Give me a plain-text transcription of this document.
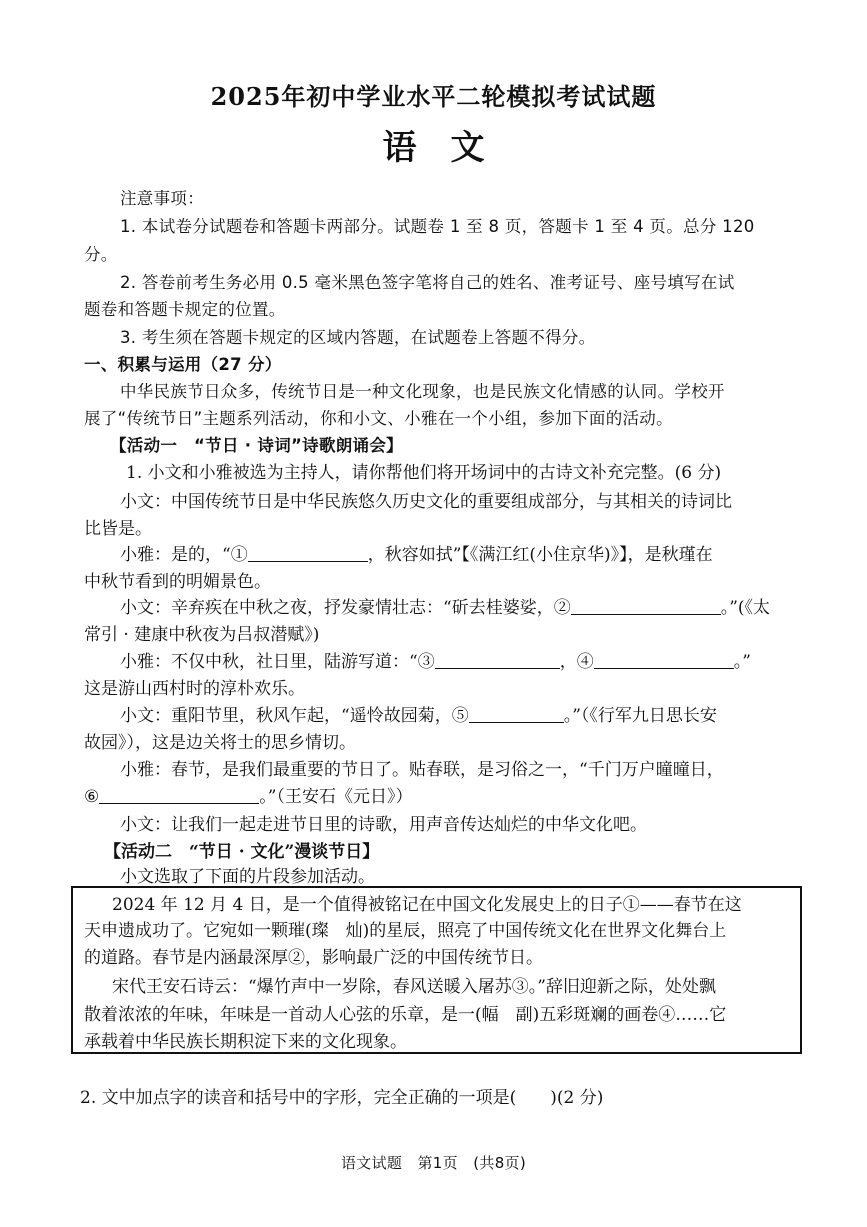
2025年初中学业水平二轮模拟考试试题
语文
注意事项：
1. 本试卷分试题卷和答题卡两部分。试题卷 1 至 8 页，答题卡 1 至 4 页。总分 120
分。
2. 答卷前考生务必用 0.5 毫米黑色签字笔将自己的姓名、准考证号、座号填写在试
题卷和答题卡规定的位置。
3. 考生须在答题卡规定的区域内答题，在试题卷上答题不得分。
一、积累与运用（27 分）
中华民族节日众多，传统节日是一种文化现象，也是民族文化情感的认同。学校开
展了“传统节日”主题系列活动，你和小文、小雅在一个小组，参加下面的活动。
【活动一　“节日 · 诗词”诗歌朗诵会】
1. 小文和小雅被选为主持人，请你帮他们将开场词中的古诗文补充完整。(6 分)
小文：中国传统节日是中华民族悠久历史文化的重要组成部分，与其相关的诗词比
比皆是。
小雅：是的，“①	，秋容如拭”【《满江红(小住京华)》】，是秋瑾在
中秋节看到的明媚景色。
小文：辛弃疾在中秋之夜，抒发豪情壮志：“斫去桂婆娑，②	。”(《太
常引 · 建康中秋夜为吕叔潜赋》)
小雅：不仅中秋，社日里，陆游写道：“③	，④	。”
这是游山西村时的淳朴欢乐。
小文：重阳节里，秋风乍起，“遥怜故园菊，⑤	。”（《行军九日思长安
故园》），这是边关将士的思乡情切。
小雅：春节，是我们最重要的节日了。贴春联，是习俗之一，“千门万户曈曈日，
⑥	。”（王安石《元日》）
小文：让我们一起走进节日里的诗歌，用声音传达灿烂的中华文化吧。
【活动二　“节日 · 文化”漫谈节日】
小文选取了下面的片段参加活动。
2024 年 12 月 4 日，是一个值得被铭记在中国文化发展史上的日子①——春节在这
天申遗成功了。它宛如一颗璀(璨　灿)的星辰，照亮了中国传统文化在世界文化舞台上
的道路。春节是内涵最深厚②，影响最广泛的中国传统节日。
宋代王安石诗云：“爆竹声中一岁除，春风送暖入屠苏③。”辞旧迎新之际，处处飘
散着浓浓的年味，年味是一首动人心弦的乐章，是一(幅　副)五彩斑斓的画卷④……它
承载着中华民族长期积淀下来的文化现象。
2. 文中加点字的读音和括号中的字形，完全正确的一项是(　　)(2 分)
语文试题　第1页　(共8页)
